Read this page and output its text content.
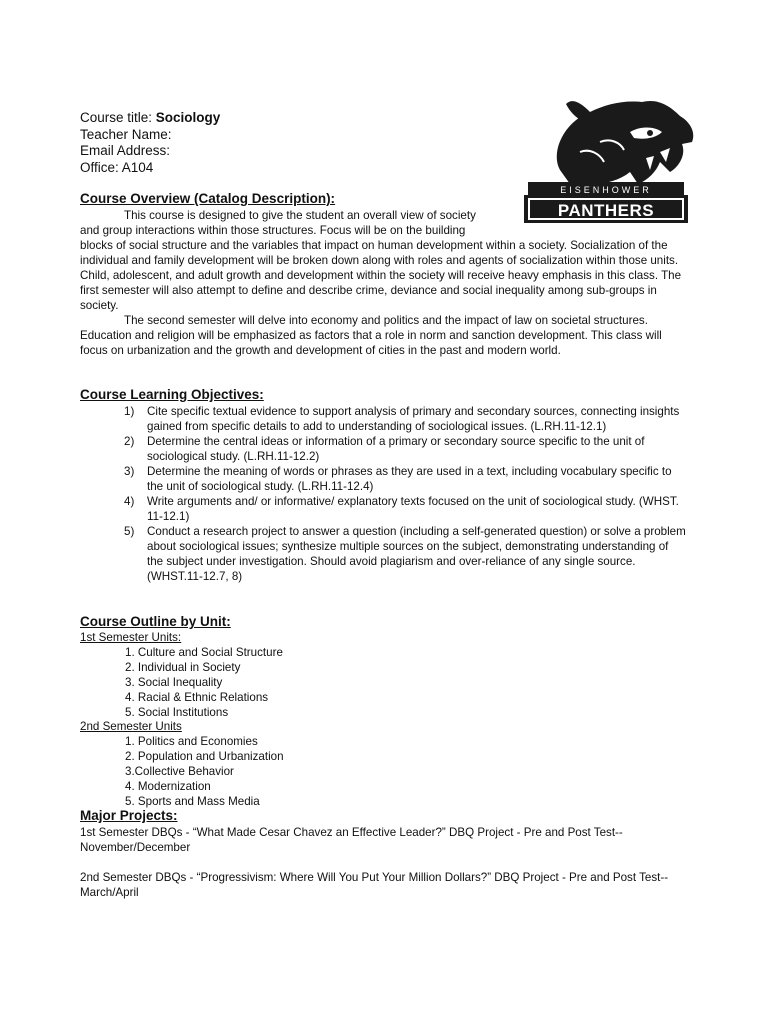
EISENHOWER
PANTHERS
Course title: Sociology
Teacher Name:
Email Address:
Office: A104
Course Overview (Catalog Description):

This course is designed to give the student an overall view of society

and group interactions within those structures. Focus will be on the building

blocks of social structure and the variables that impact on human development within a society. Socialization of the individual and family development will be broken down along with roles and agents of socialization within those units. Child, adolescent, and adult growth and development within the society will receive heavy emphasis in this class. The first semester will also attempt to define and describe crime, deviance and social inequality among sub-groups in society.

The second semester will delve into economy and politics and the impact of law on societal structures. Education and religion will be emphasized as factors that a role in norm and sanction development. This class will focus on urbanization and the growth and development of cities in the past and modern world.

Course Learning Objectives:
1) Cite specific textual evidence to support analysis of primary and secondary sources, connecting insights gained from specific details to add to understanding of sociological issues. (L.RH.11-12.1)
2) Determine the central ideas or information of a primary or secondary source specific to the unit of sociological study. (L.RH.11-12.2)
3) Determine the meaning of words or phrases as they are used in a text, including vocabulary specific to the unit of sociological study. (L.RH.11-12.4)
4) Write arguments and/ or informative/ explanatory texts focused on the unit of sociological study. (WHST. 11-12.1)
5) Conduct a research project to answer a question (including a self-generated question) or solve a problem about sociological issues; synthesize multiple sources on the subject, demonstrating understanding of the subject under investigation. Should avoid plagiarism and over-reliance of any single source. (WHST.11-12.7, 8)
Course Outline by Unit:
1st Semester Units:
1. Culture and Social Structure
2. Individual in Society
3. Social Inequality
4. Racial & Ethnic Relations
5. Social Institutions
2nd Semester Units
1. Politics and Economies
2. Population and Urbanization
3.Collective Behavior
4. Modernization
5. Sports and Mass Media
Major Projects:

1st Semester DBQs - “What Made Cesar Chavez an Effective Leader?” DBQ Project - Pre and Post Test-- November/December

2nd Semester DBQs - “Progressivism: Where Will You Put Your Million Dollars?” DBQ Project - Pre and Post Test-- March/April
